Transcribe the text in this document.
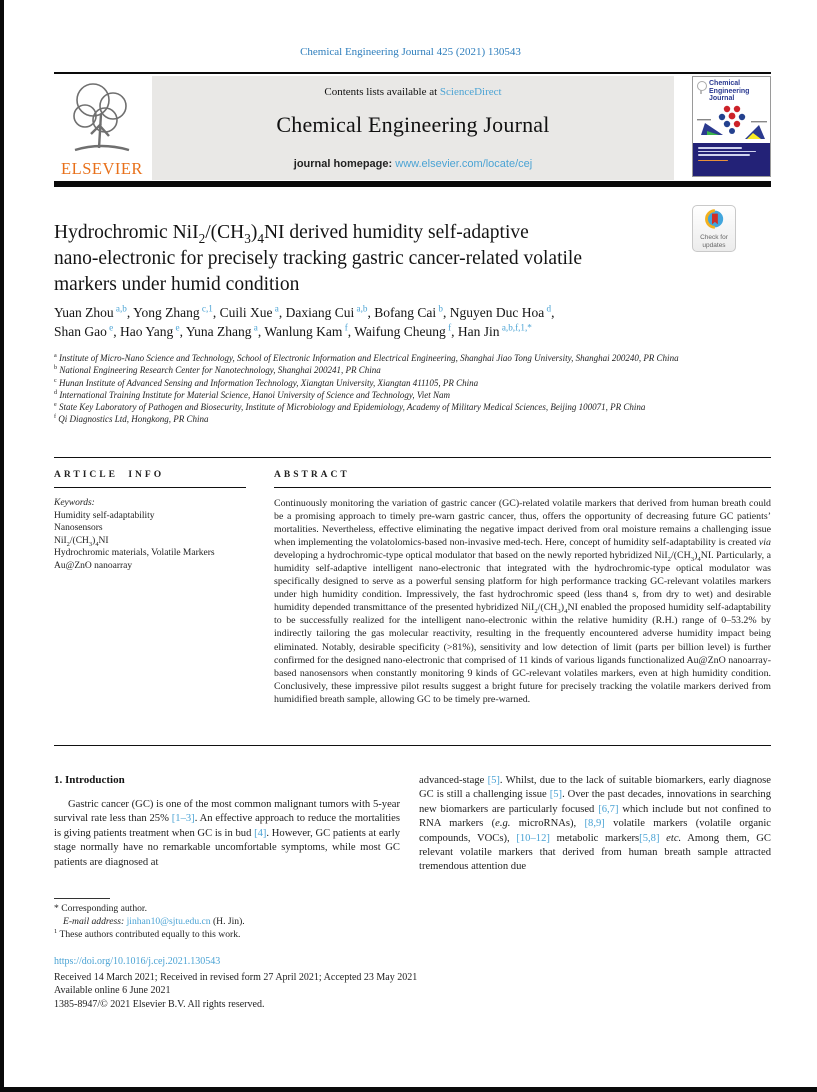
Chemical Engineering Journal 425 (2021) 130543
ELSEVIER
Contents lists available at ScienceDirect
Chemical Engineering Journal
journal homepage: www.elsevier.com/locate/cej
Chemical
Engineering
Journal
Check for
updates
Hydrochromic $NiI_2/(CH_3)_4NI$ derived humidity self-adaptive
nano-electronic for precisely tracking gastric cancer-related volatile
markers under humid condition
Yuan Zhou $^{a,b}$, Yong Zhang $^{c,1}$, Cuili Xue $^a$, Daxiang Cui $^{a,b}$, Bofang Cai $^b$, Nguyen Duc Hoa $^d$,
Shan Gao $^e$, Hao Yang $^e$, Yuna Zhang $^a$, Wanlung Kam $^f$, Waifung Cheung $^f$, Han Jin $^{a,b,f,1,*}$
$^a$ Institute of Micro-Nano Science and Technology, School of Electronic Information and Electrical Engineering, Shanghai Jiao Tong University, Shanghai 200240, PR China
$^b$ National Engineering Research Center for Nanotechnology, Shanghai 200241, PR China
$^c$ Hunan Institute of Advanced Sensing and Information Technology, Xiangtan University, Xiangtan 411105, PR China
$^d$ International Training Institute for Material Science, Hanoi University of Science and Technology, Viet Nam
$^e$ State Key Laboratory of Pathogen and Biosecurity, Institute of Microbiology and Epidemiology, Academy of Military Medical Sciences, Beijing 100071, PR China
$^f$ Qi Diagnostics Ltd, Hongkong, PR China
ARTICLE INFO
Keywords:
Humidity self-adaptability
Nanosensors
$NiI_2/(CH_3)_4NI$
Hydrochromic materials, Volatile Markers
Au@ZnO nanoarray
ABSTRACT
Continuously monitoring the variation of gastric cancer (GC)-related volatile markers that derived from human breath could be a promising approach to timely pre-warn gastric cancer, thus, offers the opportunity of decreasing future GC patients’ mortalities. Nevertheless, effective eliminating the negative impact derived from oral moisture remains a challenging issue when implementing the volatolomics-based non-invasive med-tech. Here, concept of humidity self-adaptability is created via developing a hydrochromic-type optical modulator that based on the newly reported hybridized $NiI_2/(CH_3)_4NI$. Particularly, a humidity self-adaptive intelligent nano-electronic that integrated with the hydrochromic-type optical modulator was specifically designed to serve as a powerful sensing platform for high performance tracking GC-relevant volatiles markers under high humidity condition. Impressively, the fast hydrochromic speed (less than4 s, from dry to wet) and desirable humidity depended transmittance of the presented hybridized $NiI_2/(CH_3)_4NI$ enabled the proposed humidity self-adaptability to be successfully realized for the intelligent nano-electronic within the relative humidity (R.H.) range of 0–53.2% by indirectly tailoring the gas molecular reactivity, resulting in the frequently encountered adverse humidity impact being eliminated. Notably, desirable specificity (>81%), sensitivity and low detection of limit (parts per billion level) is further confirmed for the designed nano-electronic that comprised of 11 kinds of various ligands functionalized Au@ZnO nanoarray-based nanosensors when constantly monitoring 9 kinds of GC-relevant volatiles markers, even at high humidity condition. Conclusively, these impressive pilot results suggest a bright future for precisely tracking the volatile markers derived from humidified breath sample, allowing GC to be timely pre-warned.
1. Introduction
Gastric cancer (GC) is one of the most common malignant tumors with 5-year survival rate less than 25% [1–3]. An effective approach to reduce the mortalities is giving patients treatment when GC is in bud [4]. However, GC patients at early stage normally have no remarkable uncomfortable symptoms, while most GC patients are diagnosed at
advanced-stage [5]. Whilst, due to the lack of suitable biomarkers, early diagnose GC is still a challenging issue [5]. Over the past decades, innovations in searching new biomarkers are particularly focused [6,7] which include but not confined to RNA markers (e.g. microRNAs), [8,9] volatile markers (volatile organic compounds, VOCs), [10–12] metabolic markers[5,8] etc. Among them, GC relevant volatile markers that derived from human breath sample attracted tremendous attention due
* Corresponding author.
E-mail address: jinhan10@sjtu.edu.cn (H. Jin).
$^1$ These authors contributed equally to this work.
https://doi.org/10.1016/j.cej.2021.130543
Received 14 March 2021; Received in revised form 27 April 2021; Accepted 23 May 2021
Available online 6 June 2021
1385-8947/© 2021 Elsevier B.V. All rights reserved.
